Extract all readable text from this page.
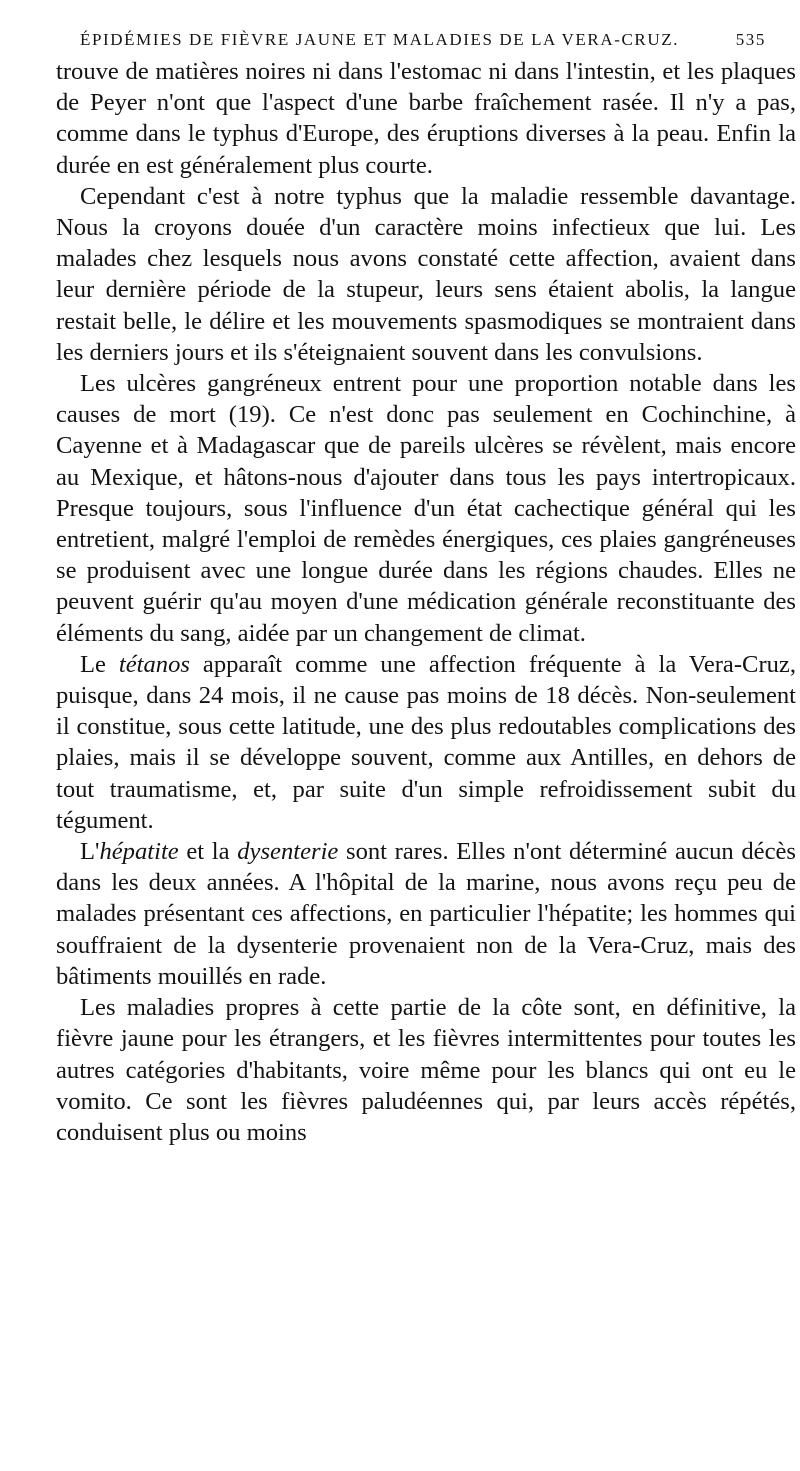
ÉPIDÉMIES DE FIÈVRE JAUNE ET MALADIES DE LA VERA-CRUZ.	535

trouve de matières noires ni dans l'estomac ni dans l'intestin, et les plaques de Peyer n'ont que l'aspect d'une barbe fraîchement rasée. Il n'y a pas, comme dans le typhus d'Europe, des éruptions diverses à la peau. Enfin la durée en est généralement plus courte.

Cependant c'est à notre typhus que la maladie ressemble davantage. Nous la croyons douée d'un caractère moins infectieux que lui. Les malades chez lesquels nous avons constaté cette affection, avaient dans leur dernière période de la stupeur, leurs sens étaient abolis, la langue restait belle, le délire et les mouvements spasmodiques se montraient dans les derniers jours et ils s'éteignaient souvent dans les convulsions.

Les ulcères gangréneux entrent pour une proportion notable dans les causes de mort (19). Ce n'est donc pas seulement en Cochinchine, à Cayenne et à Madagascar que de pareils ulcères se révèlent, mais encore au Mexique, et hâtons-nous d'ajouter dans tous les pays intertropicaux. Presque toujours, sous l'influence d'un état cachectique général qui les entretient, malgré l'emploi de remèdes énergiques, ces plaies gangréneuses se produisent avec une longue durée dans les régions chaudes. Elles ne peuvent guérir qu'au moyen d'une médication générale reconstituante des éléments du sang, aidée par un changement de climat.

Le tétanos apparaît comme une affection fréquente à la Vera-Cruz, puisque, dans 24 mois, il ne cause pas moins de 18 décès. Non-seulement il constitue, sous cette latitude, une des plus redoutables complications des plaies, mais il se développe souvent, comme aux Antilles, en dehors de tout traumatisme, et, par suite d'un simple refroidissement subit du tégument.

L'hépatite et la dysenterie sont rares. Elles n'ont déterminé aucun décès dans les deux années. A l'hôpital de la marine, nous avons reçu peu de malades présentant ces affections, en particulier l'hépatite; les hommes qui souffraient de la dysenterie provenaient non de la Vera-Cruz, mais des bâtiments mouillés en rade.

Les maladies propres à cette partie de la côte sont, en définitive, la fièvre jaune pour les étrangers, et les fièvres intermittentes pour toutes les autres catégories d'habitants, voire même pour les blancs qui ont eu le vomito. Ce sont les fièvres paludéennes qui, par leurs accès répétés, conduisent plus ou moins
